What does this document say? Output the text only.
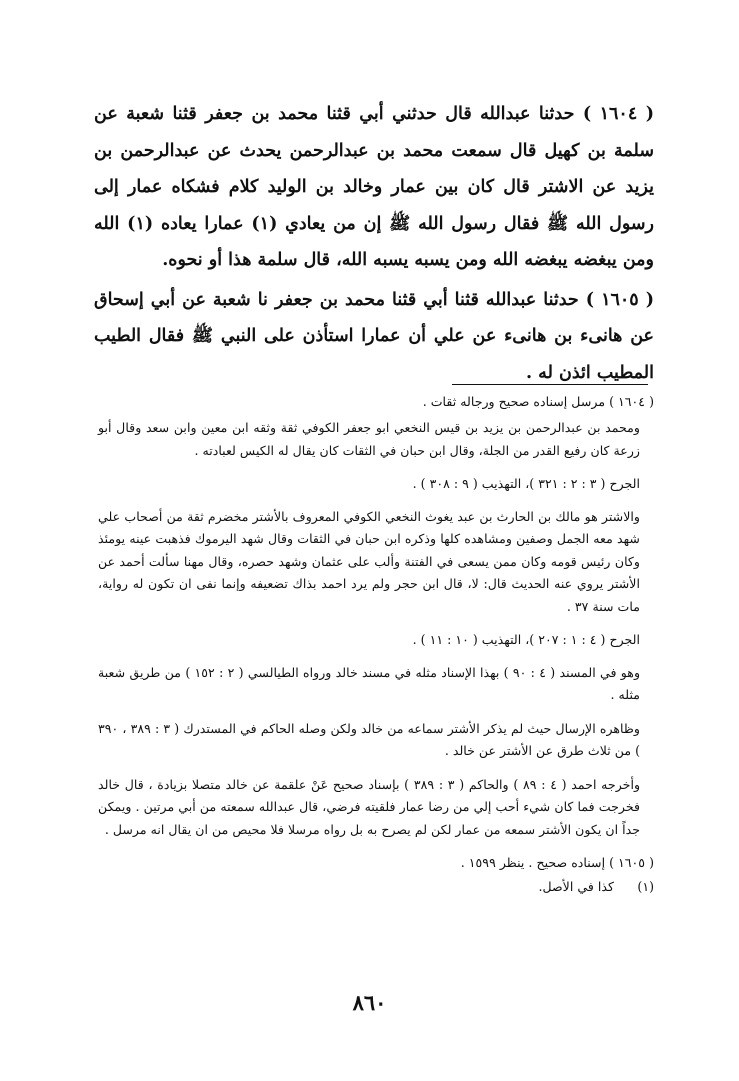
( ١٦٠٤ ) حدثنا عبدالله قال حدثني أبي قثنا محمد بن جعفر قثنا شعبة عن سلمة بن كهيل قال سمعت محمد بن عبدالرحمن يحدث عن عبدالرحمن بن يزيد عن الاشتر قال كان بين عمار وخالد بن الوليد كلام فشكاه عمار إلى رسول الله ﷺ فقال رسول الله ﷺ إن من يعادي (١) عمارا يعاده (١) الله ومن يبغضه يبغضه الله ومن يسبه يسبه الله، قال سلمة هذا أو نحوه.

( ١٦٠٥ ) حدثنا عبدالله قثنا أبي قثنا محمد بن جعفر نا شعبة عن أبي إسحاق عن هانىء بن هانىء عن علي أن عمارا استأذن على النبي ﷺ فقال الطيب المطيب ائذن له .

( ١٦٠٤ ) مرسل إسناده صحيح ورجاله ثقات .
ومحمد بن عبدالرحمن بن يزيد بن قيس النخعي ابو جعفر الكوفي ثقة وثقه ابن معين وابن سعد وقال أبو زرعة كان رفيع القدر من الجلة، وقال ابن حبان في الثقات كان يقال له الكيس لعبادته .
الجرح ( ٣ : ٢ : ٣٢١ )، التهذيب ( ٩ : ٣٠٨ ) .
والاشتر هو مالك بن الحارث بن عبد يغوث النخعي الكوفي المعروف بالأشتر مخضرم ثقة من أصحاب علي شهد معه الجمل وصفين ومشاهده كلها وذكره ابن حبان في الثقات وقال شهد اليرموك فذهبت عينه يومئذ وكان رئيس قومه وكان ممن يسعى في الفتنة وألب على عثمان وشهد حصره، وقال مهنا سألت أحمد عن الأشتر يروي عنه الحديث قال: لا، قال ابن حجر ولم يرد احمد بذاك تضعيفه وإنما نفى ان تكون له رواية، مات سنة ٣٧ .
الجرح ( ٤ : ١ : ٢٠٧ )، التهذيب ( ١٠ : ١١ ) .
وهو في المسند ( ٤ : ٩٠ ) بهذا الإسناد مثله في مسند خالد ورواه الطيالسي ( ٢ : ١٥٢ ) من طريق شعبة مثله .
وظاهره الإرسال حيث لم يذكر الأشتر سماعه من خالد ولكن وصله الحاكم في المستدرك ( ٣ : ٣٨٩ ، ٣٩٠ ) من ثلاث طرق عن الأشتر عن خالد .
وأخرجه احمد ( ٤ : ٨٩ ) والحاكم ( ٣ : ٣٨٩ ) بإسناد صحيح عَنْ علقمة عن خالد متصلا بزيادة ، قال خالد فخرجت فما كان شيء أحب إلي من رضا عمار فلقيته فرضي، قال عبدالله سمعته من أبي مرتين . ويمكن جداً ان يكون الأشتر سمعه من عمار لكن لم يصرح به بل رواه مرسلا فلا محيص من ان يقال انه مرسل .
( ١٦٠٥ ) إسناده صحيح . ينظر ١٥٩٩ .
(١) كذا في الأصل.
٨٦٠
